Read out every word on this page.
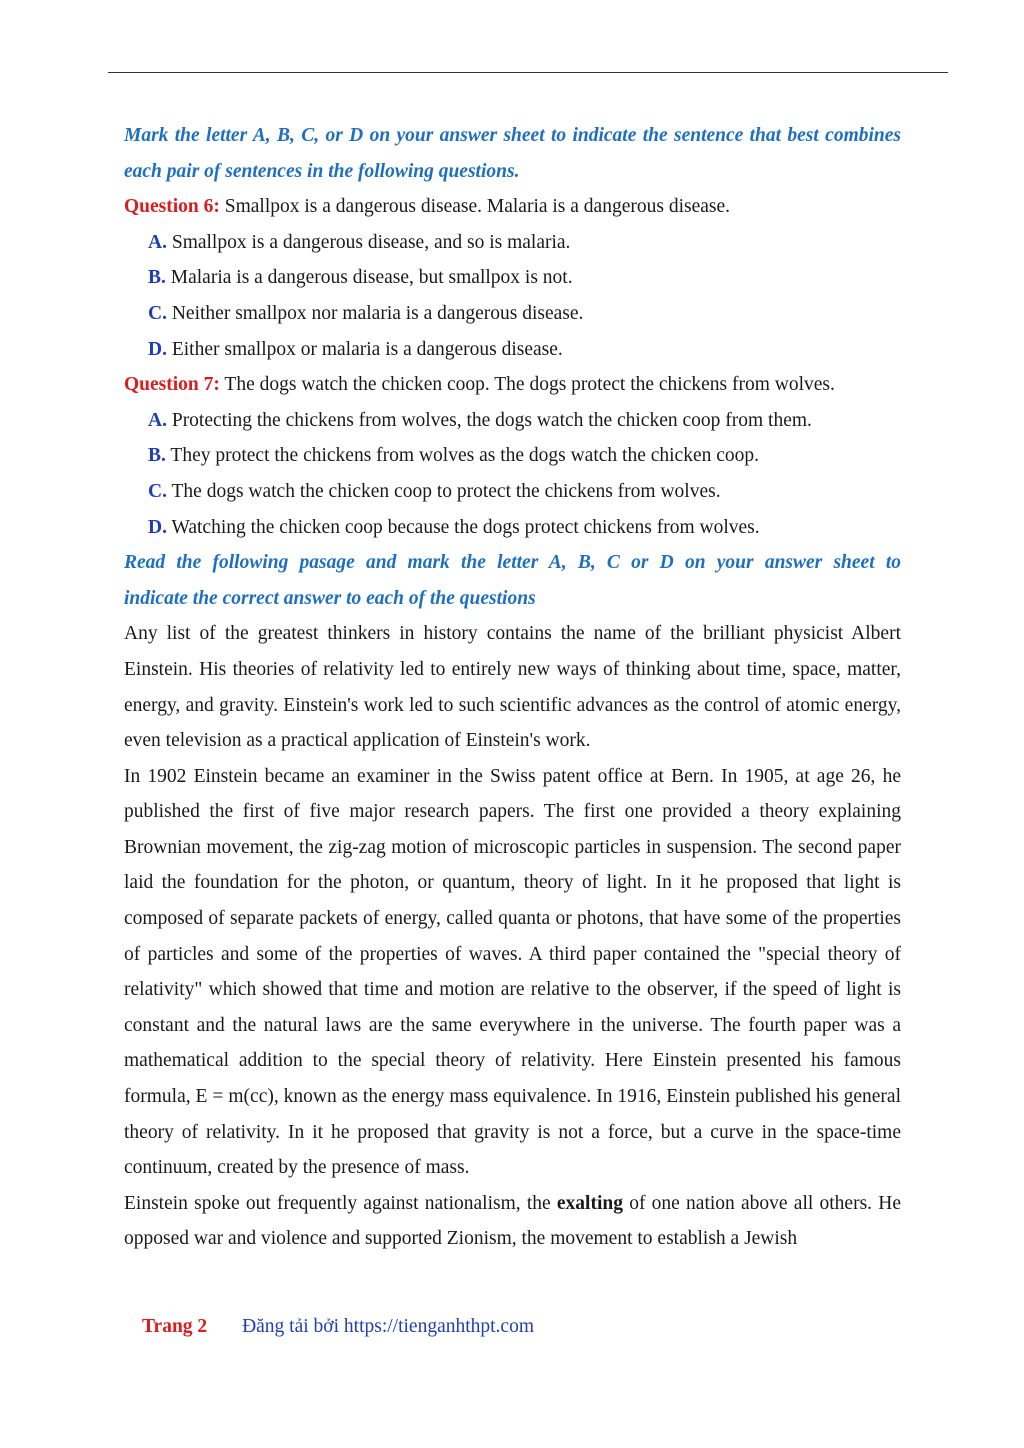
Mark the letter A, B, C, or D on your answer sheet to indicate the sentence that best combines
each pair of sentences in the following questions.
Question 6: Smallpox is a dangerous disease. Malaria is a dangerous disease.
A. Smallpox is a dangerous disease, and so is malaria.
B. Malaria is a dangerous disease, but smallpox is not.
C. Neither smallpox nor malaria is a dangerous disease.
D. Either smallpox or malaria is a dangerous disease.
Question 7: The dogs watch the chicken coop. The dogs protect the chickens from wolves.
A. Protecting the chickens from wolves, the dogs watch the chicken coop from them.
B. They protect the chickens from wolves as the dogs watch the chicken coop.
C. The dogs watch the chicken coop to protect the chickens from wolves.
D. Watching the chicken coop because the dogs protect chickens from wolves.
Read the following pasage and mark the letter A, B, C or D on your answer sheet to
indicate the correct answer to each of the questions
Any list of the greatest thinkers in history contains the name of the brilliant physicist Albert Einstein. His theories of relativity led to entirely new ways of thinking about time, space, matter, energy, and gravity. Einstein's work led to such scientific advances as the control of atomic energy, even television as a practical application of Einstein's work.
In 1902 Einstein became an examiner in the Swiss patent office at Bern. In 1905, at age 26, he published the first of five major research papers. The first one provided a theory explaining Brownian movement, the zig-zag motion of microscopic particles in suspension. The second paper laid the foundation for the photon, or quantum, theory of light. In it he proposed that light is composed of separate packets of energy, called quanta or photons, that have some of the properties of particles and some of the properties of waves. A third paper contained the "special theory of relativity" which showed that time and motion are relative to the observer, if the speed of light is constant and the natural laws are the same everywhere in the universe. The fourth paper was a mathematical addition to the special theory of relativity. Here Einstein presented his famous formula, E = m(cc), known as the energy mass equivalence. In 1916, Einstein published his general theory of relativity. In it he proposed that gravity is not a force, but a curve in the space-time continuum, created by the presence of mass.
Einstein spoke out frequently against nationalism, the exalting of one nation above all others. He opposed war and violence and supported Zionism, the movement to establish a Jewish
Trang 2 Đăng tải bởi https://tienganhthpt.com
